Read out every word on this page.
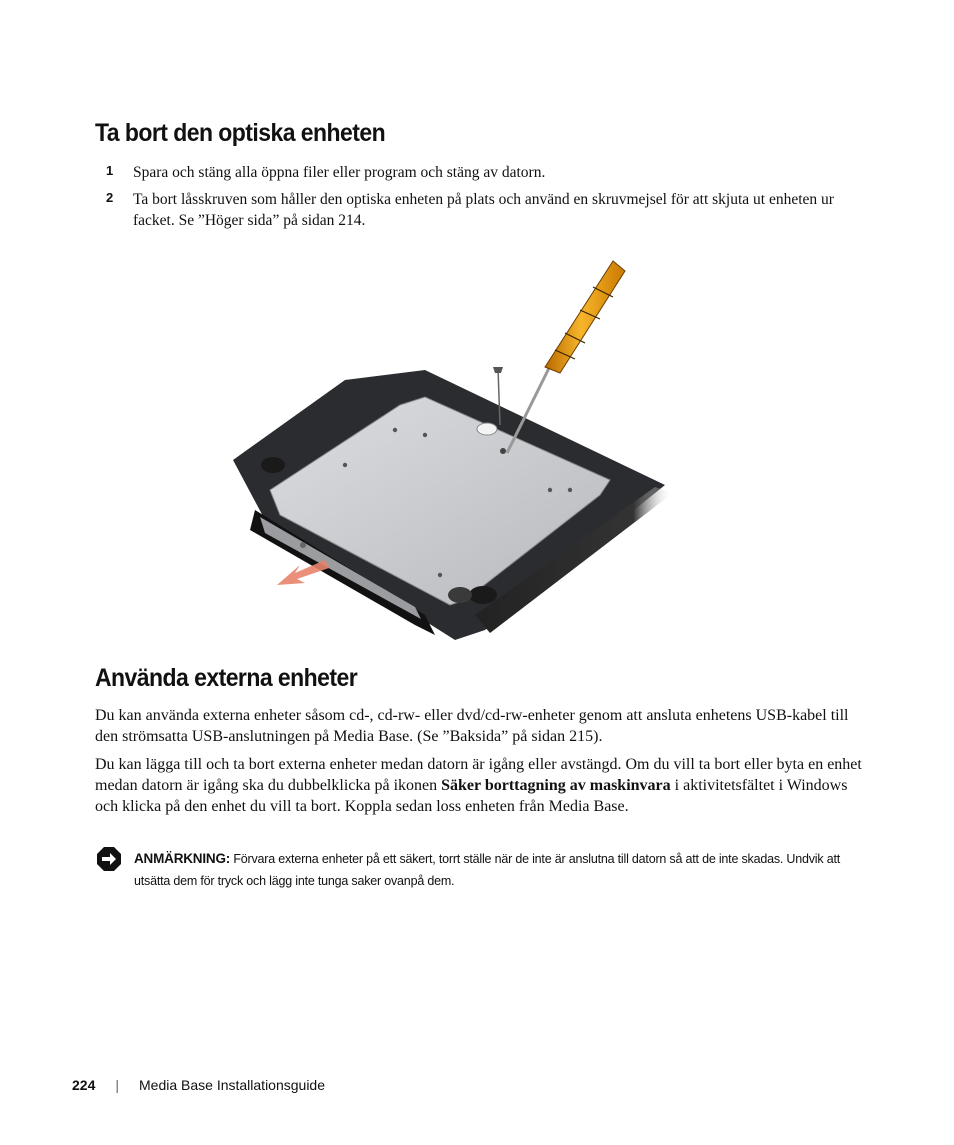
Ta bort den optiska enheten
1 Spara och stäng alla öppna filer eller program och stäng av datorn.
2 Ta bort låsskruven som håller den optiska enheten på plats och använd en skruvmejsel för att skjuta ut enheten ur facket. Se ”Höger sida” på sidan 214.
Använda externa enheter

Du kan använda externa enheter såsom cd-, cd-rw- eller dvd/cd-rw-enheter genom att ansluta enhetens USB-kabel till den strömsatta USB-anslutningen på Media Base. (Se ”Baksida” på sidan 215).

Du kan lägga till och ta bort externa enheter medan datorn är igång eller avstängd. Om du vill ta bort eller byta en enhet medan datorn är igång ska du dubbelklicka på ikonen Säker borttagning av maskinvara i aktivitetsfältet i Windows och klicka på den enhet du vill ta bort. Koppla sedan loss enheten från Media Base.

ANMÄRKNING: Förvara externa enheter på ett säkert, torrt ställe när de inte är anslutna till datorn så att de inte skadas. Undvik att utsätta dem för tryck och lägg inte tunga saker ovanpå dem.
224 | Media Base Installationsguide
